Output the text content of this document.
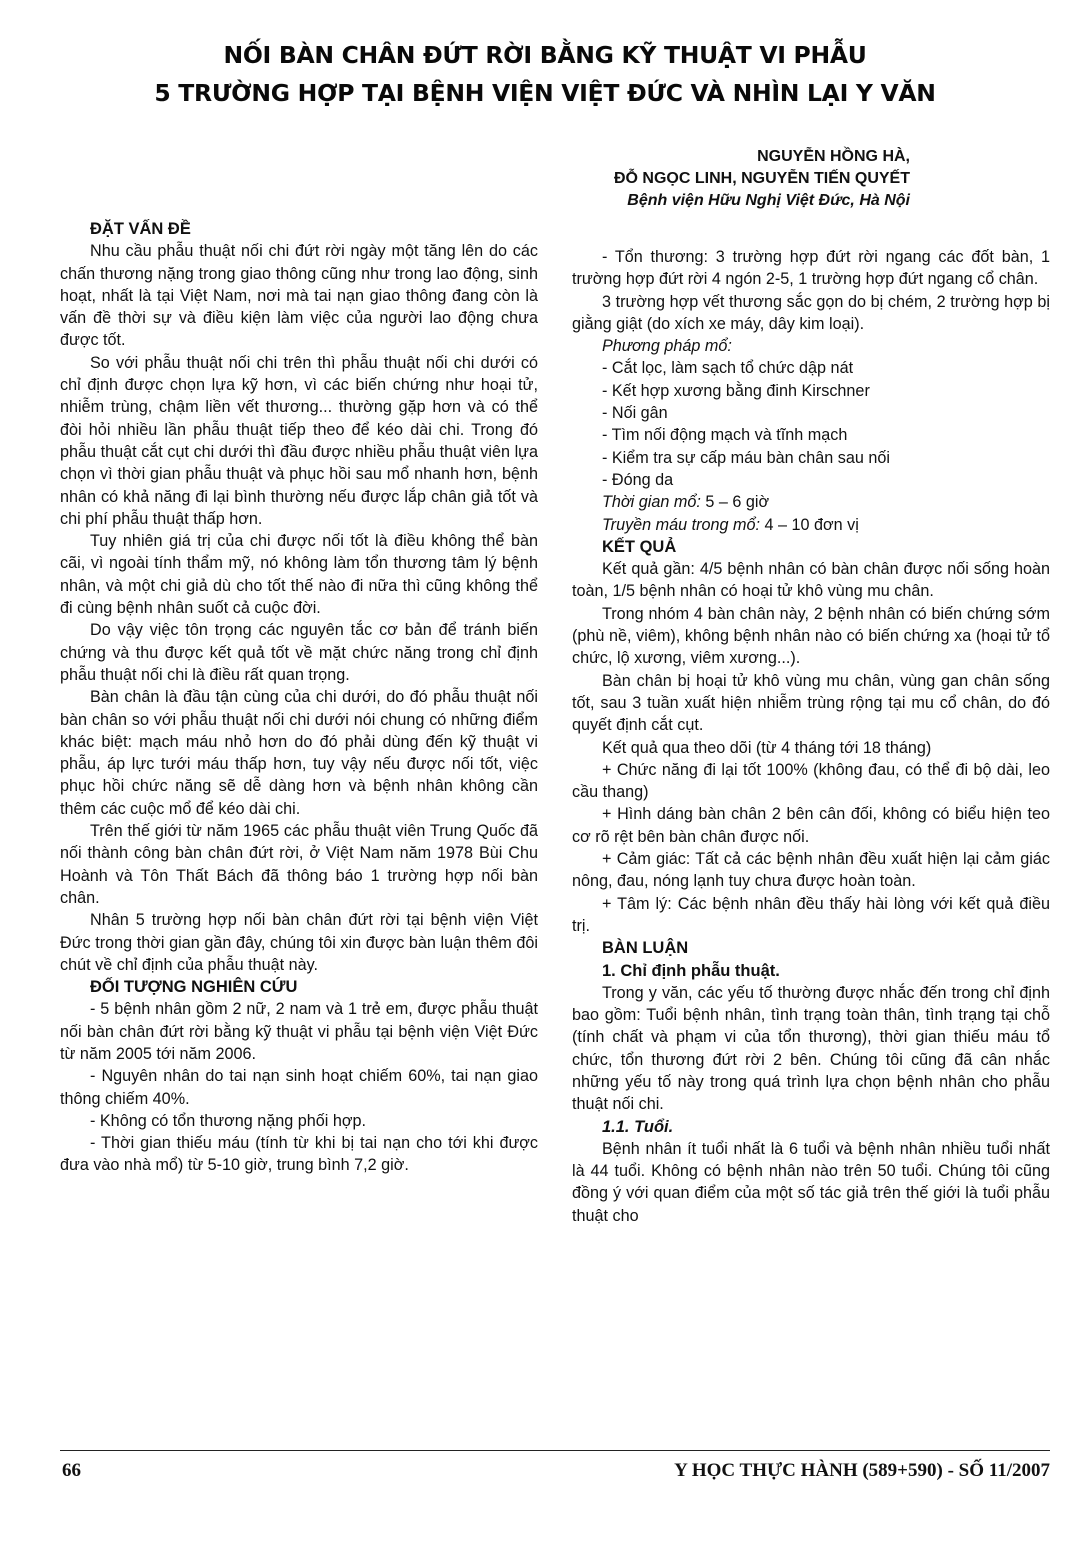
NỐI BÀN CHÂN ĐỨT RỜI BẰNG KỸ THUẬT VI PHẪU
5 TRƯỜNG HỢP TẠI BỆNH VIỆN VIỆT ĐỨC VÀ NHÌN LẠI Y VĂN
NGUYỄN HỒNG HÀ,
ĐỖ NGỌC LINH, NGUYỄN TIẾN QUYẾT
Bệnh viện Hữu Nghị Việt Đức, Hà Nội
ĐẶT VẤN ĐỀ

Nhu cầu phẫu thuật nối chi đứt rời ngày một tăng lên do các chấn thương nặng trong giao thông cũng như trong lao động, sinh hoạt, nhất là tại Việt Nam, nơi mà tai nạn giao thông đang còn là vấn đề thời sự và điều kiện làm việc của người lao động chưa được tốt.

So với phẫu thuật nối chi trên thì phẫu thuật nối chi dưới có chỉ định được chọn lựa kỹ hơn, vì các biến chứng như hoại tử, nhiễm trùng, chậm liền vết thương... thường gặp hơn và có thể đòi hỏi nhiều lần phẫu thuật tiếp theo để kéo dài chi. Trong đó phẫu thuật cắt cụt chi dưới thì đầu được nhiều phẫu thuật viên lựa chọn vì thời gian phẫu thuật và phục hồi sau mổ nhanh hơn, bệnh nhân có khả năng đi lại bình thường nếu được lắp chân giả tốt và chi phí phẫu thuật thấp hơn.

Tuy nhiên giá trị của chi được nối tốt là điều không thể bàn cãi, vì ngoài tính thẩm mỹ, nó không làm tổn thương tâm lý bệnh nhân, và một chi giả dù cho tốt thế nào đi nữa thì cũng không thể đi cùng bệnh nhân suốt cả cuộc đời.

Do vậy việc tôn trọng các nguyên tắc cơ bản để tránh biến chứng và thu được kết quả tốt về mặt chức năng trong chỉ định phẫu thuật nối chi là điều rất quan trọng.

Bàn chân là đầu tận cùng của chi dưới, do đó phẫu thuật nối bàn chân so với phẫu thuật nối chi dưới nói chung có những điểm khác biệt: mạch máu nhỏ hơn do đó phải dùng đến kỹ thuật vi phẫu, áp lực tưới máu thấp hơn, tuy vậy nếu được nối tốt, việc phục hồi chức năng sẽ dễ dàng hơn và bệnh nhân không cần thêm các cuộc mổ để kéo dài chi.

Trên thế giới từ năm 1965 các phẫu thuật viên Trung Quốc đã nối thành công bàn chân đứt rời, ở Việt Nam năm 1978 Bùi Chu Hoành và Tôn Thất Bách đã thông báo 1 trường hợp nối bàn chân.

Nhân 5 trường hợp nối bàn chân đứt rời tại bệnh viện Việt Đức trong thời gian gần đây, chúng tôi xin được bàn luận thêm đôi chút về chỉ định của phẫu thuật này.

ĐỐI TƯỢNG NGHIÊN CỨU

- 5 bệnh nhân gồm 2 nữ, 2 nam và 1 trẻ em, được phẫu thuật nối bàn chân đứt rời bằng kỹ thuật vi phẫu tại bệnh viện Việt Đức từ năm 2005 tới năm 2006.

- Nguyên nhân do tai nạn sinh hoạt chiếm 60%, tai nạn giao thông chiếm 40%.

- Không có tổn thương nặng phối hợp.

- Thời gian thiếu máu (tính từ khi bị tai nạn cho tới khi được đưa vào nhà mổ) từ 5-10 giờ, trung bình 7,2 giờ.

- Tổn thương: 3 trường hợp đứt rời ngang các đốt bàn, 1 trường hợp đứt rời 4 ngón 2-5, 1 trường hợp đứt ngang cổ chân.

3 trường hợp vết thương sắc gọn do bị chém, 2 trường hợp bị giằng giật (do xích xe máy, dây kim loại).

Phương pháp mổ:

- Cắt lọc, làm sạch tổ chức dập nát

- Kết hợp xương bằng đinh Kirschner

- Nối gân

- Tìm nối động mạch và tĩnh mạch

- Kiểm tra sự cấp máu bàn chân sau nối

- Đóng da

Thời gian mổ: 5 – 6 giờ

Truyền máu trong mổ: 4 – 10 đơn vị

KẾT QUẢ

Kết quả gần: 4/5 bệnh nhân có bàn chân được nối sống hoàn toàn, 1/5 bệnh nhân có hoại tử khô vùng mu chân.

Trong nhóm 4 bàn chân này, 2 bệnh nhân có biến chứng sớm (phù nề, viêm), không bệnh nhân nào có biến chứng xa (hoại tử tổ chức, lộ xương, viêm xương...).

Bàn chân bị hoại tử khô vùng mu chân, vùng gan chân sống tốt, sau 3 tuần xuất hiện nhiễm trùng rộng tại mu cổ chân, do đó quyết định cắt cụt.

Kết quả qua theo dõi (từ 4 tháng tới 18 tháng)

+ Chức năng đi lại tốt 100% (không đau, có thể đi bộ dài, leo cầu thang)

+ Hình dáng bàn chân 2 bên cân đối, không có biểu hiện teo cơ rõ rệt bên bàn chân được nối.

+ Cảm giác: Tất cả các bệnh nhân đều xuất hiện lại cảm giác nông, đau, nóng lạnh tuy chưa được hoàn toàn.

+ Tâm lý: Các bệnh nhân đều thấy hài lòng với kết quả điều trị.

BÀN LUẬN
1. Chỉ định phẫu thuật.

Trong y văn, các yếu tố thường được nhắc đến trong chỉ định bao gồm: Tuổi bệnh nhân, tình trạng toàn thân, tình trạng tại chỗ (tính chất và phạm vi của tổn thương), thời gian thiếu máu tổ chức, tổn thương đứt rời 2 bên. Chúng tôi cũng đã cân nhắc những yếu tố này trong quá trình lựa chọn bệnh nhân cho phẫu thuật nối chi.

1.1. Tuổi.

Bệnh nhân ít tuổi nhất là 6 tuổi và bệnh nhân nhiều tuổi nhất là 44 tuổi. Không có bệnh nhân nào trên 50 tuổi. Chúng tôi cũng đồng ý với quan điểm của một số tác giả trên thế giới là tuổi phẫu thuật cho

66	Y HỌC THỰC HÀNH (589+590) - SỐ 11/2007
